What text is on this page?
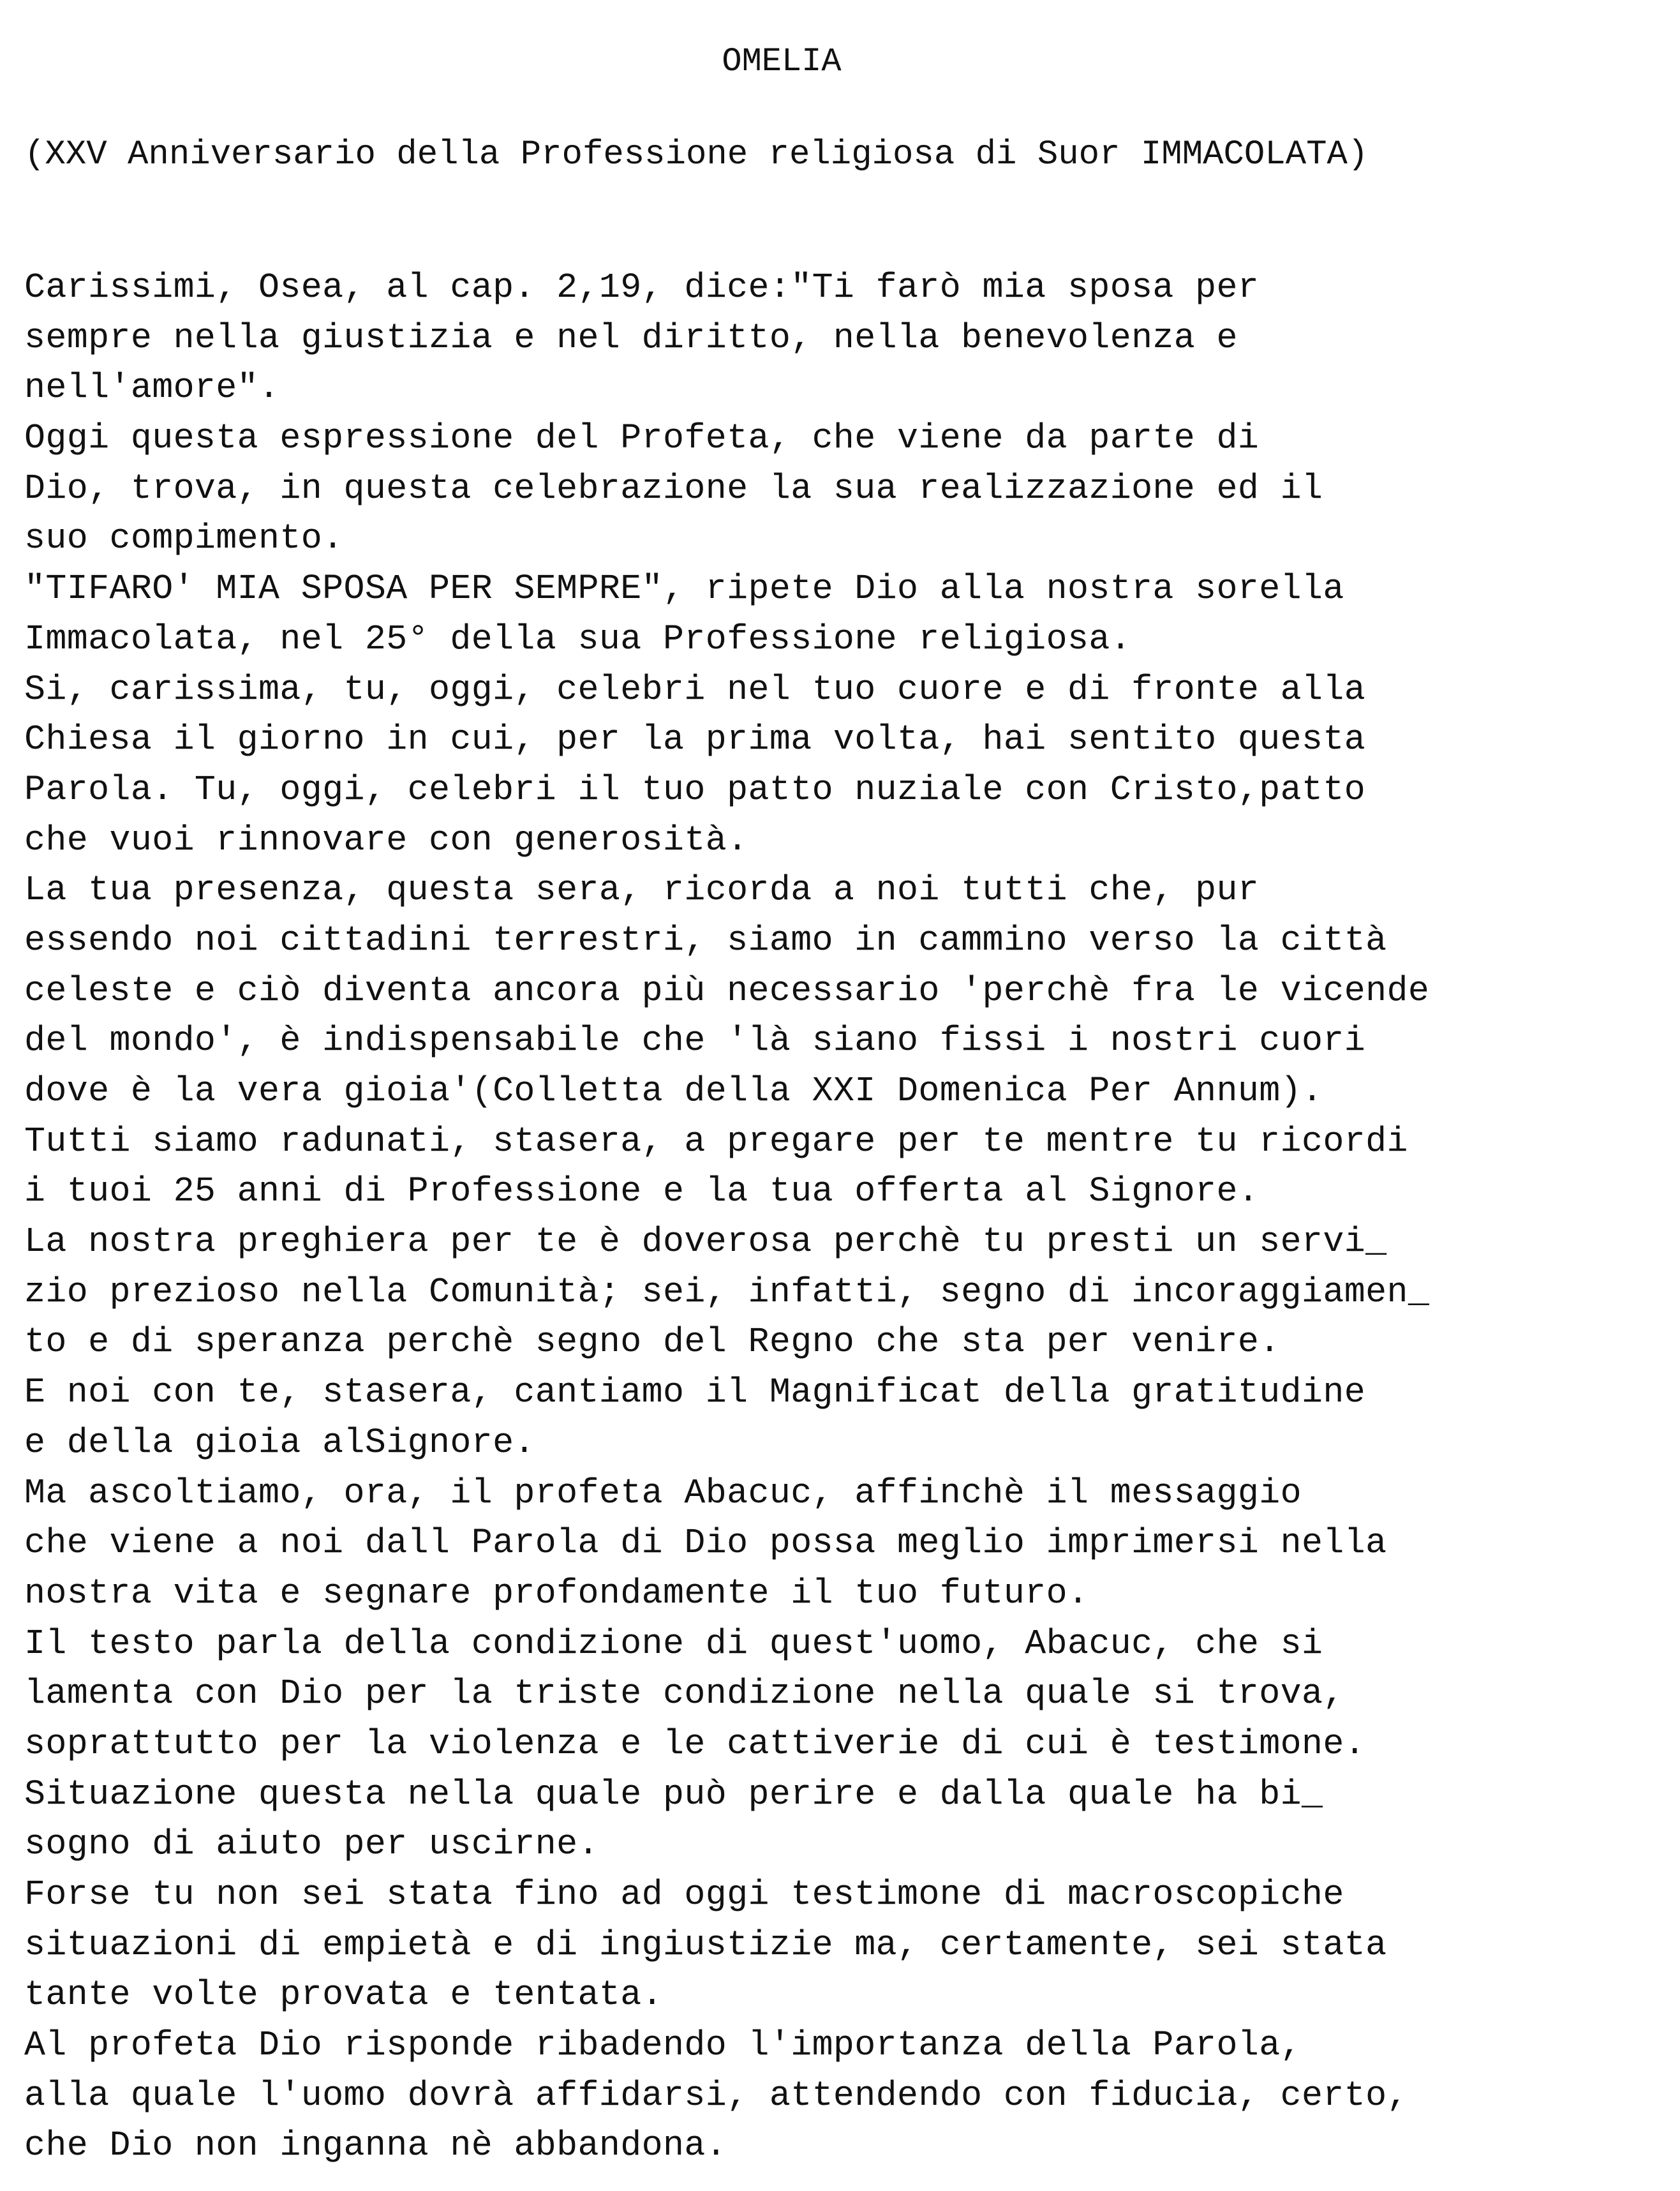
OMELIA
(XXV Anniversario della Professione religiosa di Suor IMMACOLATA)
Carissimi, Osea, al cap. 2,19, dice:"Ti farò mia sposa per
sempre nella giustizia e nel diritto, nella benevolenza e
nell'amore".
Oggi questa espressione del Profeta, che viene da parte di
Dio, trova, in questa celebrazione la sua realizzazione ed il
suo compimento.
"TIFARO' MIA SPOSA PER SEMPRE", ripete Dio alla nostra sorella
Immacolata, nel 25° della sua Professione religiosa.
Si, carissima, tu, oggi, celebri nel tuo cuore e di fronte alla
Chiesa il giorno in cui, per la prima volta, hai sentito questa
Parola. Tu, oggi, celebri il tuo patto nuziale con Cristo,patto
che vuoi rinnovare con generosità.
La tua presenza, questa sera, ricorda a noi tutti che, pur
essendo noi cittadini terrestri, siamo in cammino verso la città
celeste e ciò diventa ancora più necessario 'perchè fra le vicende
del mondo', è indispensabile che 'là siano fissi i nostri cuori
dove è la vera gioia'(Colletta della XXI Domenica Per Annum).
Tutti siamo radunati, stasera, a pregare per te mentre tu ricordi
i tuoi 25 anni di Professione e la tua offerta al Signore.
La nostra preghiera per te è doverosa perchè tu presti un servi_
zio prezioso nella Comunità; sei, infatti, segno di incoraggiamen_
to e di speranza perchè segno del Regno che sta per venire.
E noi con te, stasera, cantiamo il Magnificat della gratitudine
e della gioia alSignore.
Ma ascoltiamo, ora, il profeta Abacuc, affinchè il messaggio
che viene a noi dall Parola di Dio possa meglio imprimersi nella
nostra vita e segnare profondamente il tuo futuro.
Il testo parla della condizione di quest'uomo, Abacuc, che si
lamenta con Dio per la triste condizione nella quale si trova,
soprattutto per la violenza e le cattiverie di cui è testimone.
Situazione questa nella quale può perire e dalla quale ha bi_
sogno di aiuto per uscirne.
Forse tu non sei stata fino ad oggi testimone di macroscopiche
situazioni di empietà e di ingiustizie ma, certamente, sei stata
tante volte provata e tentata.
Al profeta Dio risponde ribadendo l'importanza della Parola,
alla quale l'uomo dovrà affidarsi, attendendo con fiducia, certo,
che Dio non inganna nè abbandona.
